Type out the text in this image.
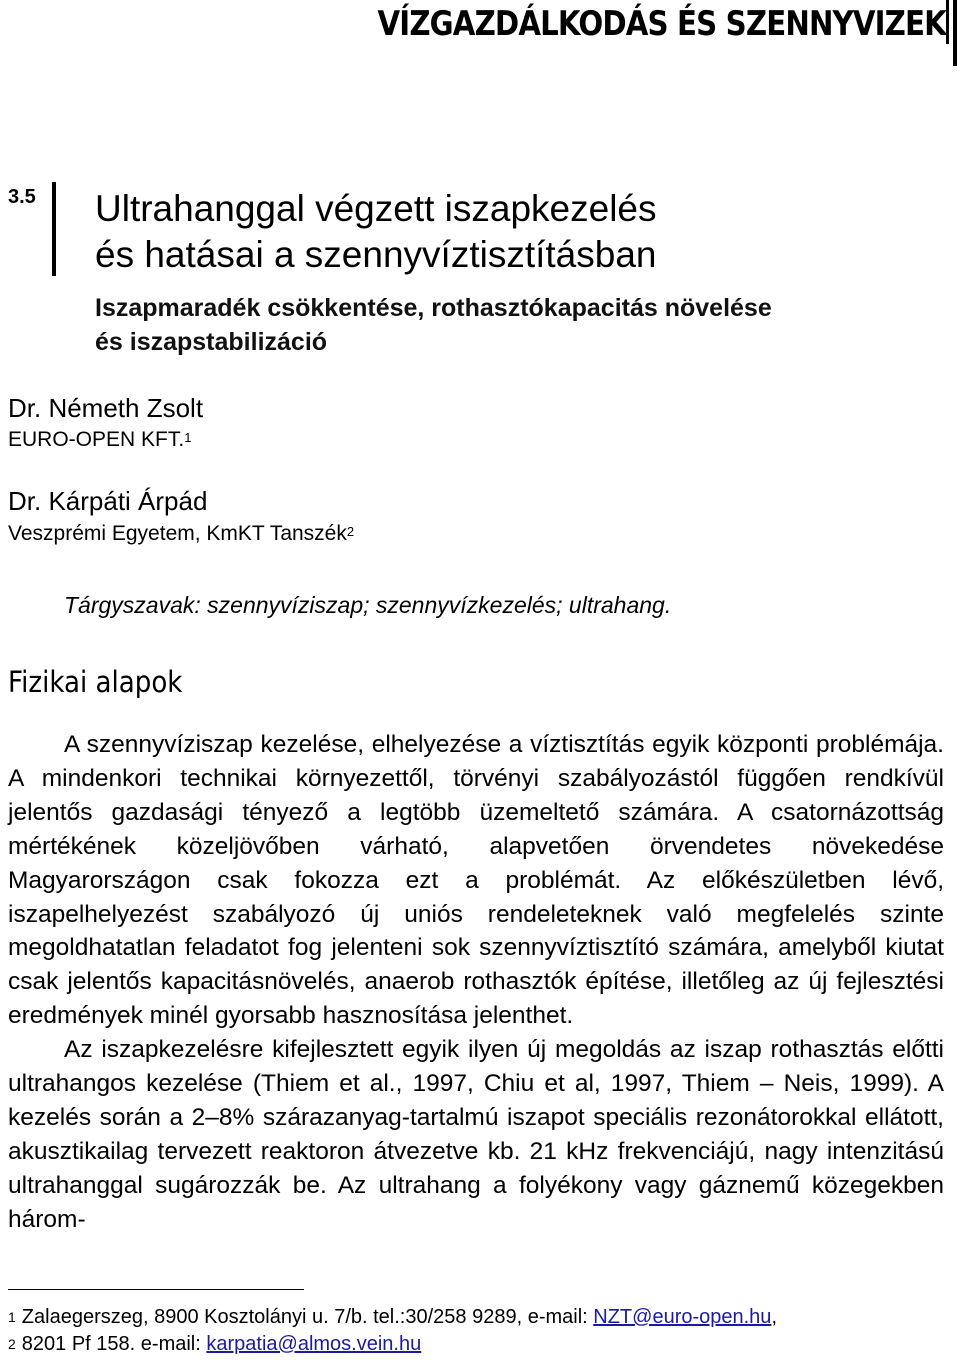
VÍZGAZDÁLKODÁS ÉS SZENNYVIZEK
3.5 Ultrahanggal végzett iszapkezelés
és hatásai a szennyvíztisztításban
Iszapmaradék csökkentése, rothasztókapacitás növelése
és iszapstabilizáció
Dr. Németh Zsolt
EURO-OPEN KFT.$^1$
Dr. Kárpáti Árpád
Veszprémi Egyetem, KmKT Tanszék$^2$
Tárgyszavak: szennyvíziszap; szennyvízkezelés; ultrahang.
Fizikai alapok

A szennyvíziszap kezelése, elhelyezése a víztisztítás egyik központi problémája. A mindenkori technikai környezettől, törvényi szabályozástól függően rendkívül jelentős gazdasági tényező a legtöbb üzemeltető számára. A csatornázottság mértékének közeljövőben várható, alapvetően örvendetes növekedése Magyarországon csak fokozza ezt a problémát. Az előkészületben lévő, iszapelhelyezést szabályozó új uniós rendeleteknek való megfelelés szinte megoldhatatlan feladatot fog jelenteni sok szennyvíztisztító számára, amelyből kiutat csak jelentős kapacitásnövelés, anaerob rothasztók építése, illetőleg az új fejlesztési eredmények minél gyorsabb hasznosítása jelenthet.

Az iszapkezelésre kifejlesztett egyik ilyen új megoldás az iszap rothasztás előtti ultrahangos kezelése (Thiem et al., 1997, Chiu et al, 1997, Thiem – Neis, 1999). A kezelés során a 2–8% szárazanyag-tartalmú iszapot speciális rezonátorokkal ellátott, akusztikailag tervezett reaktoron átvezetve kb. 21 kHz frekvenciájú, nagy intenzitású ultrahanggal sugározzák be. Az ultrahang a folyékony vagy gáznemű közegekben három-

$^1$ Zalaegerszeg, 8900 Kosztolányi u. 7/b. tel.:30/258 9289, e-mail: NZT@euro-open.hu,
$^2$ 8201 Pf 158. e-mail: karpatia@almos.vein.hu
